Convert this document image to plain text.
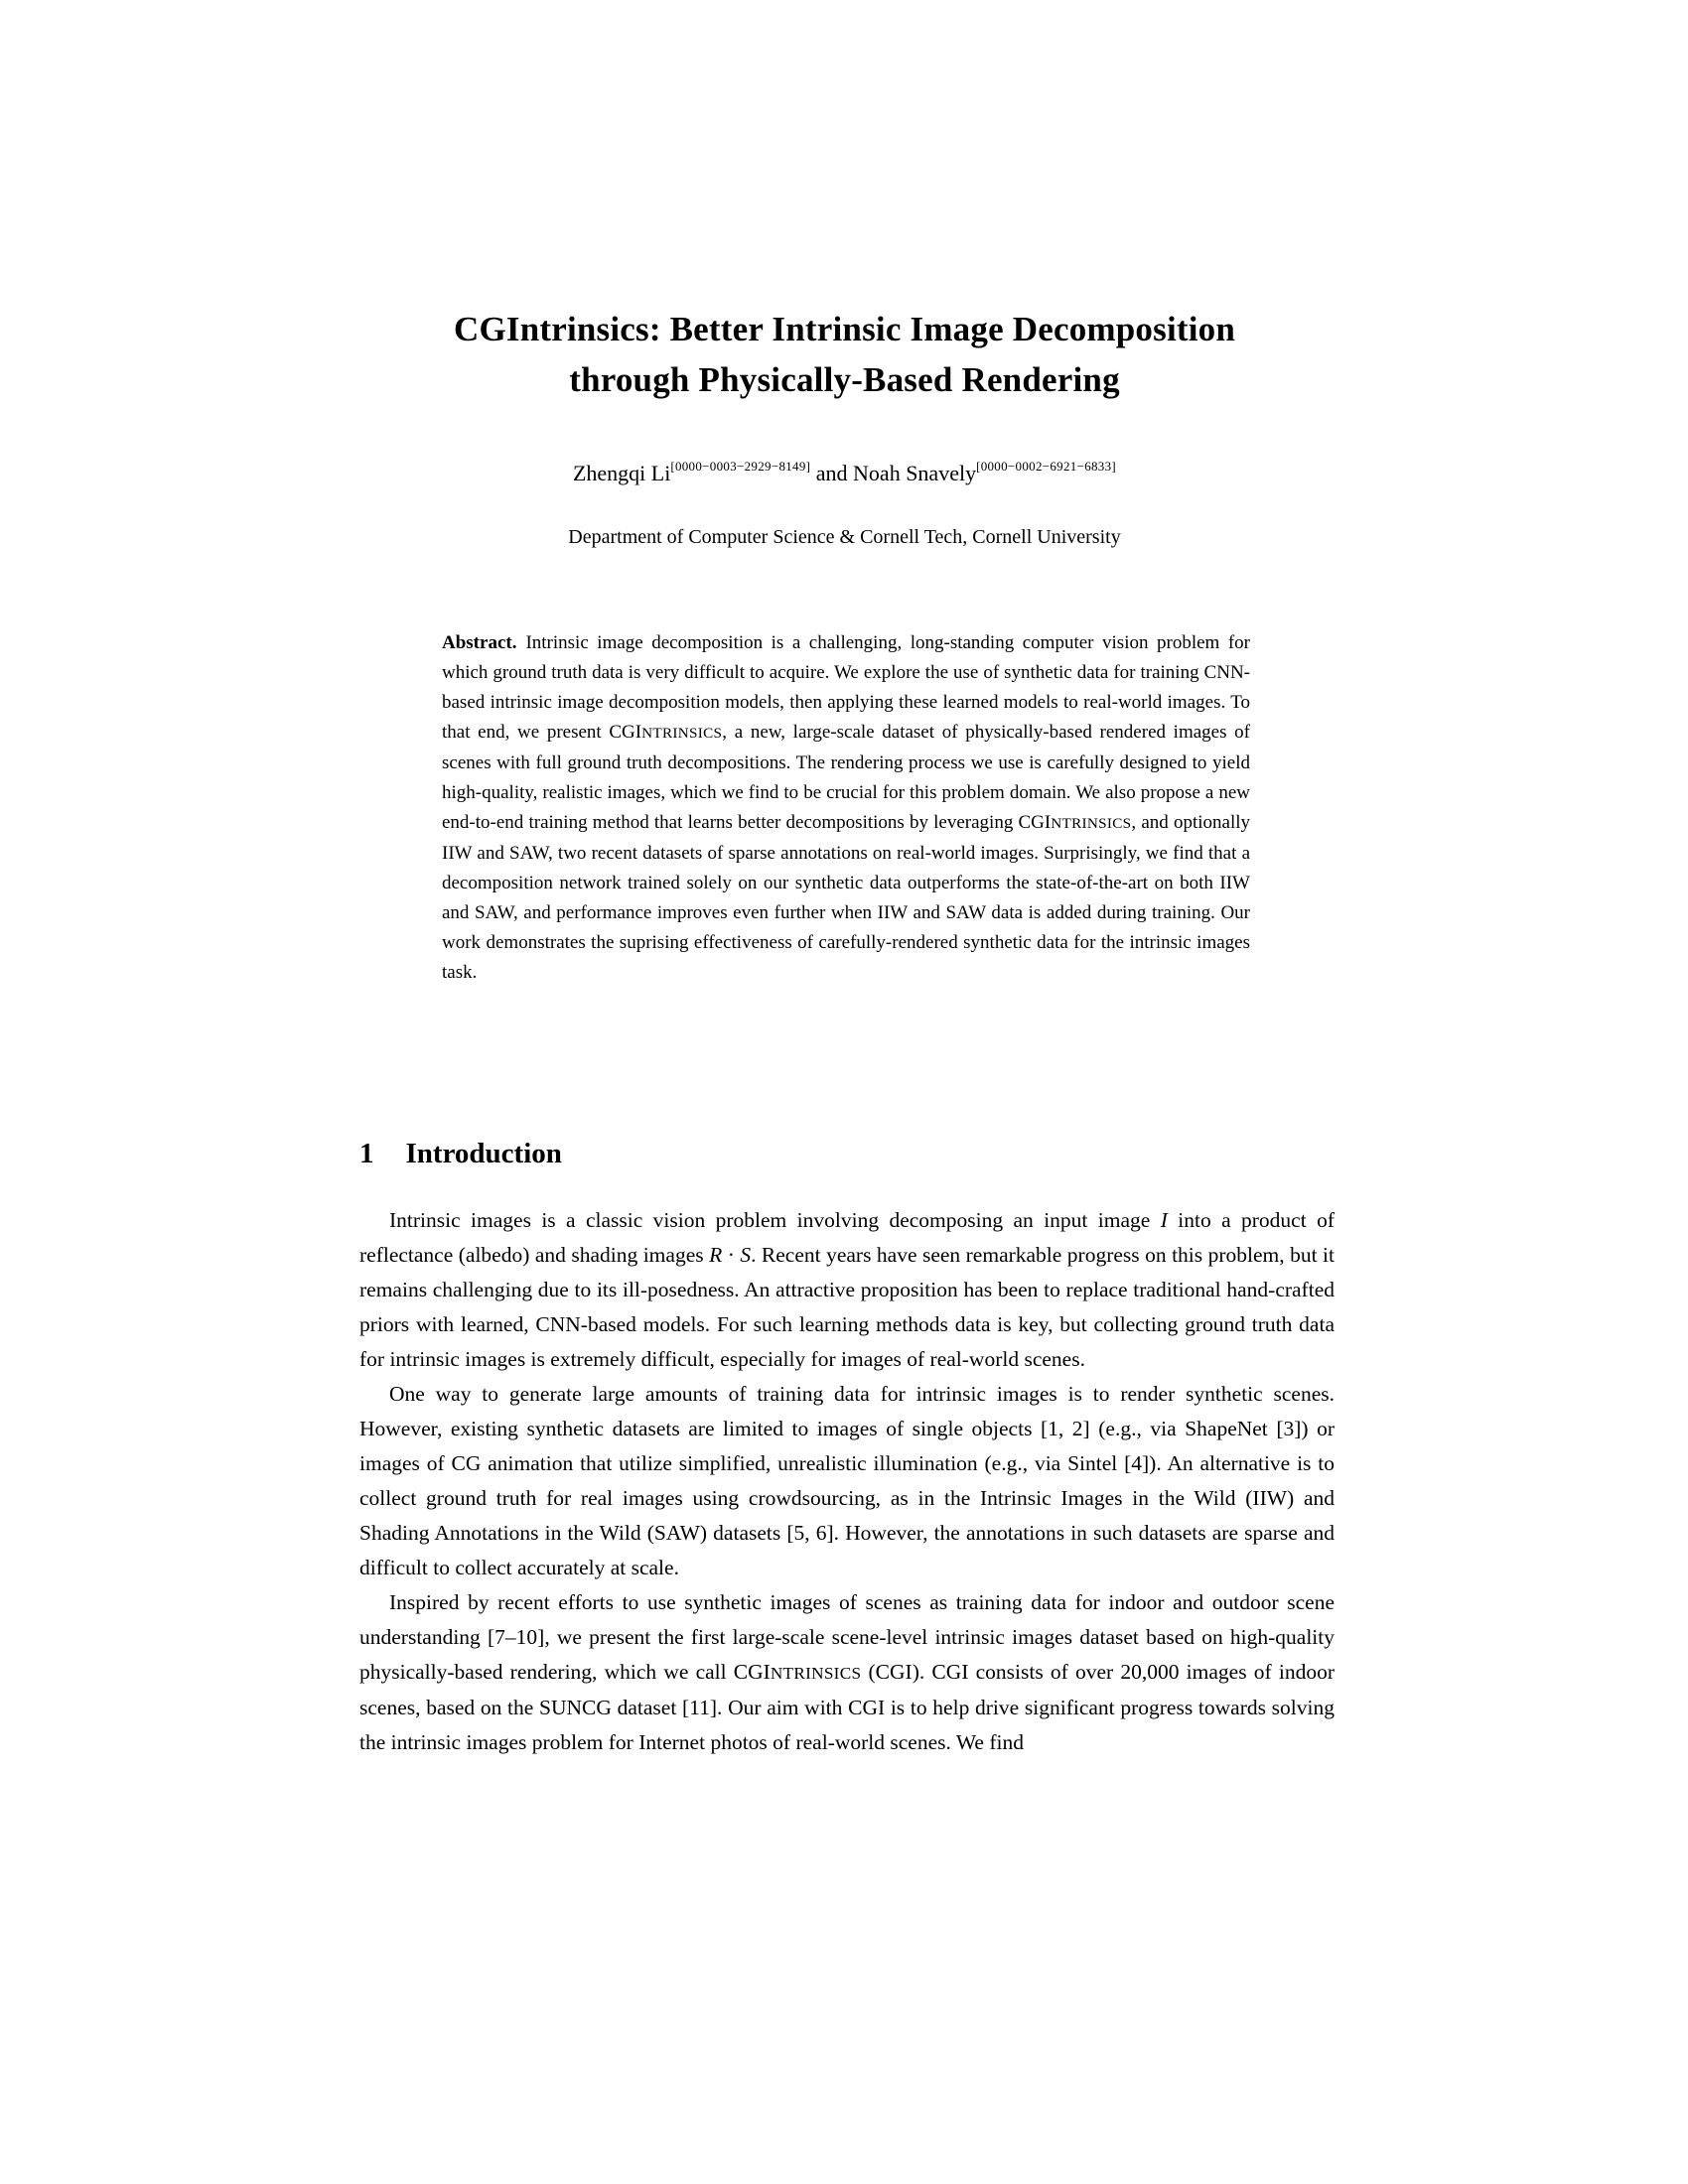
CGIntrinsics: Better Intrinsic Image Decomposition
through Physically-Based Rendering
Zhengqi Li[0000−0003−2929−8149] and Noah Snavely[0000−0002−6921−6833]
Department of Computer Science & Cornell Tech, Cornell University
Abstract. Intrinsic image decomposition is a challenging, long-standing computer vision problem for which ground truth data is very difficult to acquire. We explore the use of synthetic data for training CNN-based intrinsic image decomposition models, then applying these learned models to real-world images. To that end, we present CGINTRINSICS, a new, large-scale dataset of physically-based rendered images of scenes with full ground truth decompositions. The rendering process we use is carefully designed to yield high-quality, realistic images, which we find to be crucial for this problem domain. We also propose a new end-to-end training method that learns better decompositions by leveraging CGINTRINSICS, and optionally IIW and SAW, two recent datasets of sparse annotations on real-world images. Surprisingly, we find that a decomposition network trained solely on our synthetic data outperforms the state-of-the-art on both IIW and SAW, and performance improves even further when IIW and SAW data is added during training. Our work demonstrates the suprising effectiveness of carefully-rendered synthetic data for the intrinsic images task.
1 Introduction

Intrinsic images is a classic vision problem involving decomposing an input image I into a product of reflectance (albedo) and shading images R · S. Recent years have seen remarkable progress on this problem, but it remains challenging due to its ill-posedness. An attractive proposition has been to replace traditional hand-crafted priors with learned, CNN-based models. For such learning methods data is key, but collecting ground truth data for intrinsic images is extremely difficult, especially for images of real-world scenes.

One way to generate large amounts of training data for intrinsic images is to render synthetic scenes. However, existing synthetic datasets are limited to images of single objects [1, 2] (e.g., via ShapeNet [3]) or images of CG animation that utilize simplified, unrealistic illumination (e.g., via Sintel [4]). An alternative is to collect ground truth for real images using crowdsourcing, as in the Intrinsic Images in the Wild (IIW) and Shading Annotations in the Wild (SAW) datasets [5, 6]. However, the annotations in such datasets are sparse and difficult to collect accurately at scale.

Inspired by recent efforts to use synthetic images of scenes as training data for indoor and outdoor scene understanding [7–10], we present the first large-scale scene-level intrinsic images dataset based on high-quality physically-based rendering, which we call CGINTRINSICS (CGI). CGI consists of over 20,000 images of indoor scenes, based on the SUNCG dataset [11]. Our aim with CGI is to help drive significant progress towards solving the intrinsic images problem for Internet photos of real-world scenes. We find
